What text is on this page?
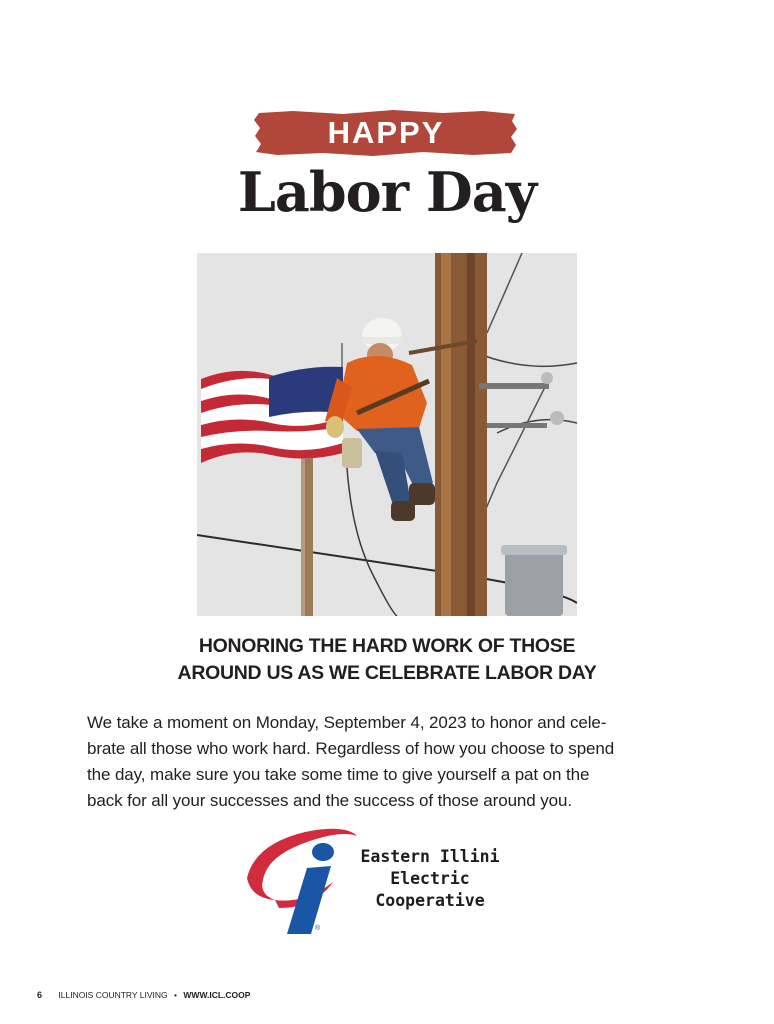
HAPPY
Labor Day
HONORING THE HARD WORK OF THOSE
AROUND US AS WE CELEBRATE LABOR DAY
We take a moment on Monday, September 4, 2023 to honor and cele-
brate all those who work hard. Regardless of how you choose to spend
the day, make sure you take some time to give yourself a pat on the
back for all your successes and the success of those around you.
®
Eastern Illini
Electric
Cooperative
6 ILLINOIS COUNTRY LIVING • WWW.ICL.COOP
